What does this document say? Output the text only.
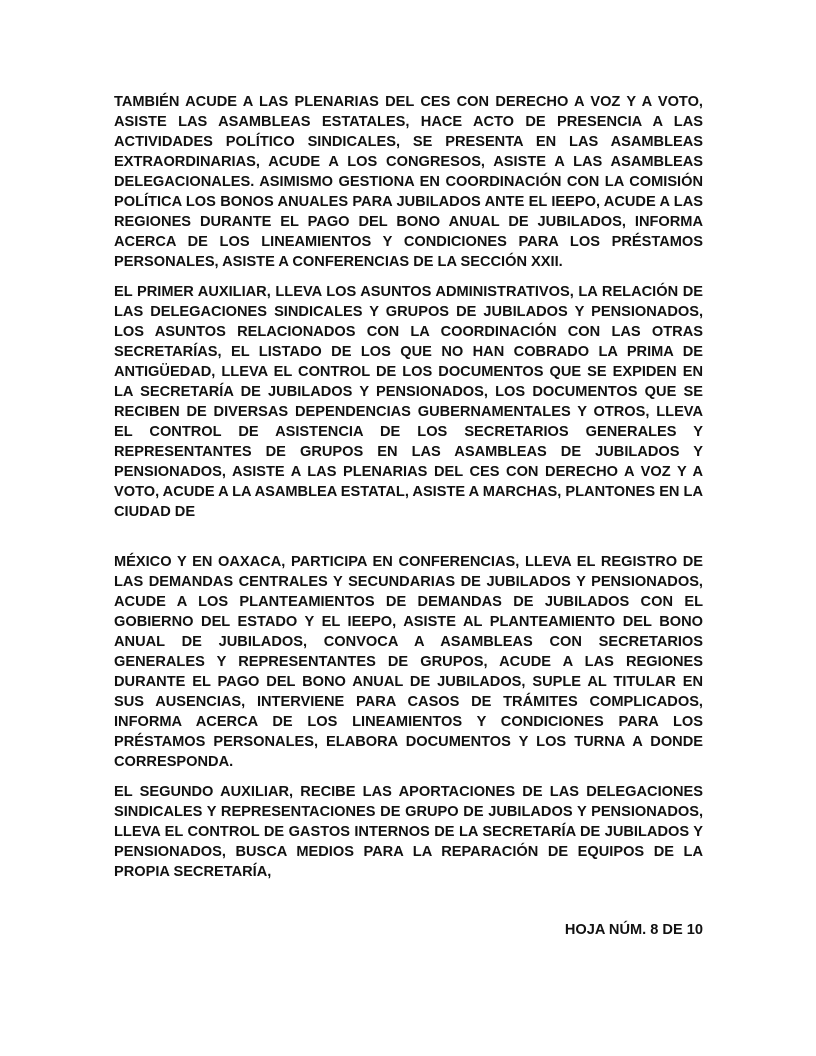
TAMBIÉN ACUDE A LAS PLENARIAS DEL CES CON DERECHO A VOZ Y A VOTO, ASISTE LAS ASAMBLEAS ESTATALES, HACE ACTO DE PRESENCIA A LAS ACTIVIDADES POLÍTICO SINDICALES, SE PRESENTA EN LAS ASAMBLEAS EXTRAORDINARIAS, ACUDE A LOS CONGRESOS, ASISTE A LAS ASAMBLEAS DELEGACIONALES. ASIMISMO GESTIONA EN COORDINACIÓN CON LA COMISIÓN POLÍTICA LOS BONOS ANUALES PARA JUBILADOS ANTE EL IEEPO, ACUDE A LAS REGIONES DURANTE EL PAGO DEL BONO ANUAL DE JUBILADOS, INFORMA ACERCA DE LOS LINEAMIENTOS Y CONDICIONES PARA LOS PRÉSTAMOS PERSONALES, ASISTE A CONFERENCIAS DE LA SECCIÓN XXII.

EL PRIMER AUXILIAR, LLEVA LOS ASUNTOS ADMINISTRATIVOS, LA RELACIÓN DE LAS DELEGACIONES SINDICALES Y GRUPOS DE JUBILADOS Y PENSIONADOS, LOS ASUNTOS RELACIONADOS CON LA COORDINACIÓN CON LAS OTRAS SECRETARÍAS, EL LISTADO DE LOS QUE NO HAN COBRADO LA PRIMA DE ANTIGÜEDAD, LLEVA EL CONTROL DE LOS DOCUMENTOS QUE SE EXPIDEN EN LA SECRETARÍA DE JUBILADOS Y PENSIONADOS, LOS DOCUMENTOS QUE SE RECIBEN DE DIVERSAS DEPENDENCIAS GUBERNAMENTALES Y OTROS, LLEVA EL CONTROL DE ASISTENCIA DE LOS SECRETARIOS GENERALES Y REPRESENTANTES DE GRUPOS EN LAS ASAMBLEAS DE JUBILADOS Y PENSIONADOS, ASISTE A LAS PLENARIAS DEL CES CON DERECHO A VOZ Y A VOTO, ACUDE A LA ASAMBLEA ESTATAL, ASISTE A MARCHAS, PLANTONES EN LA CIUDAD DE

MÉXICO Y EN OAXACA, PARTICIPA EN CONFERENCIAS, LLEVA EL REGISTRO DE LAS DEMANDAS CENTRALES Y SECUNDARIAS DE JUBILADOS Y PENSIONADOS, ACUDE A LOS PLANTEAMIENTOS DE DEMANDAS DE JUBILADOS CON EL GOBIERNO DEL ESTADO Y EL IEEPO, ASISTE AL PLANTEAMIENTO DEL BONO ANUAL DE JUBILADOS, CONVOCA A ASAMBLEAS CON SECRETARIOS GENERALES Y REPRESENTANTES DE GRUPOS, ACUDE A LAS REGIONES DURANTE EL PAGO DEL BONO ANUAL DE JUBILADOS, SUPLE AL TITULAR EN SUS AUSENCIAS, INTERVIENE PARA CASOS DE TRÁMITES COMPLICADOS, INFORMA ACERCA DE LOS LINEAMIENTOS Y CONDICIONES PARA LOS PRÉSTAMOS PERSONALES, ELABORA DOCUMENTOS Y LOS TURNA A DONDE CORRESPONDA.

EL SEGUNDO AUXILIAR, RECIBE LAS APORTACIONES DE LAS DELEGACIONES SINDICALES Y REPRESENTACIONES DE GRUPO DE JUBILADOS Y PENSIONADOS, LLEVA EL CONTROL DE GASTOS INTERNOS DE LA SECRETARÍA DE JUBILADOS Y PENSIONADOS, BUSCA MEDIOS PARA LA REPARACIÓN DE EQUIPOS DE LA PROPIA SECRETARÍA,

HOJA NÚM. 8 DE 10
